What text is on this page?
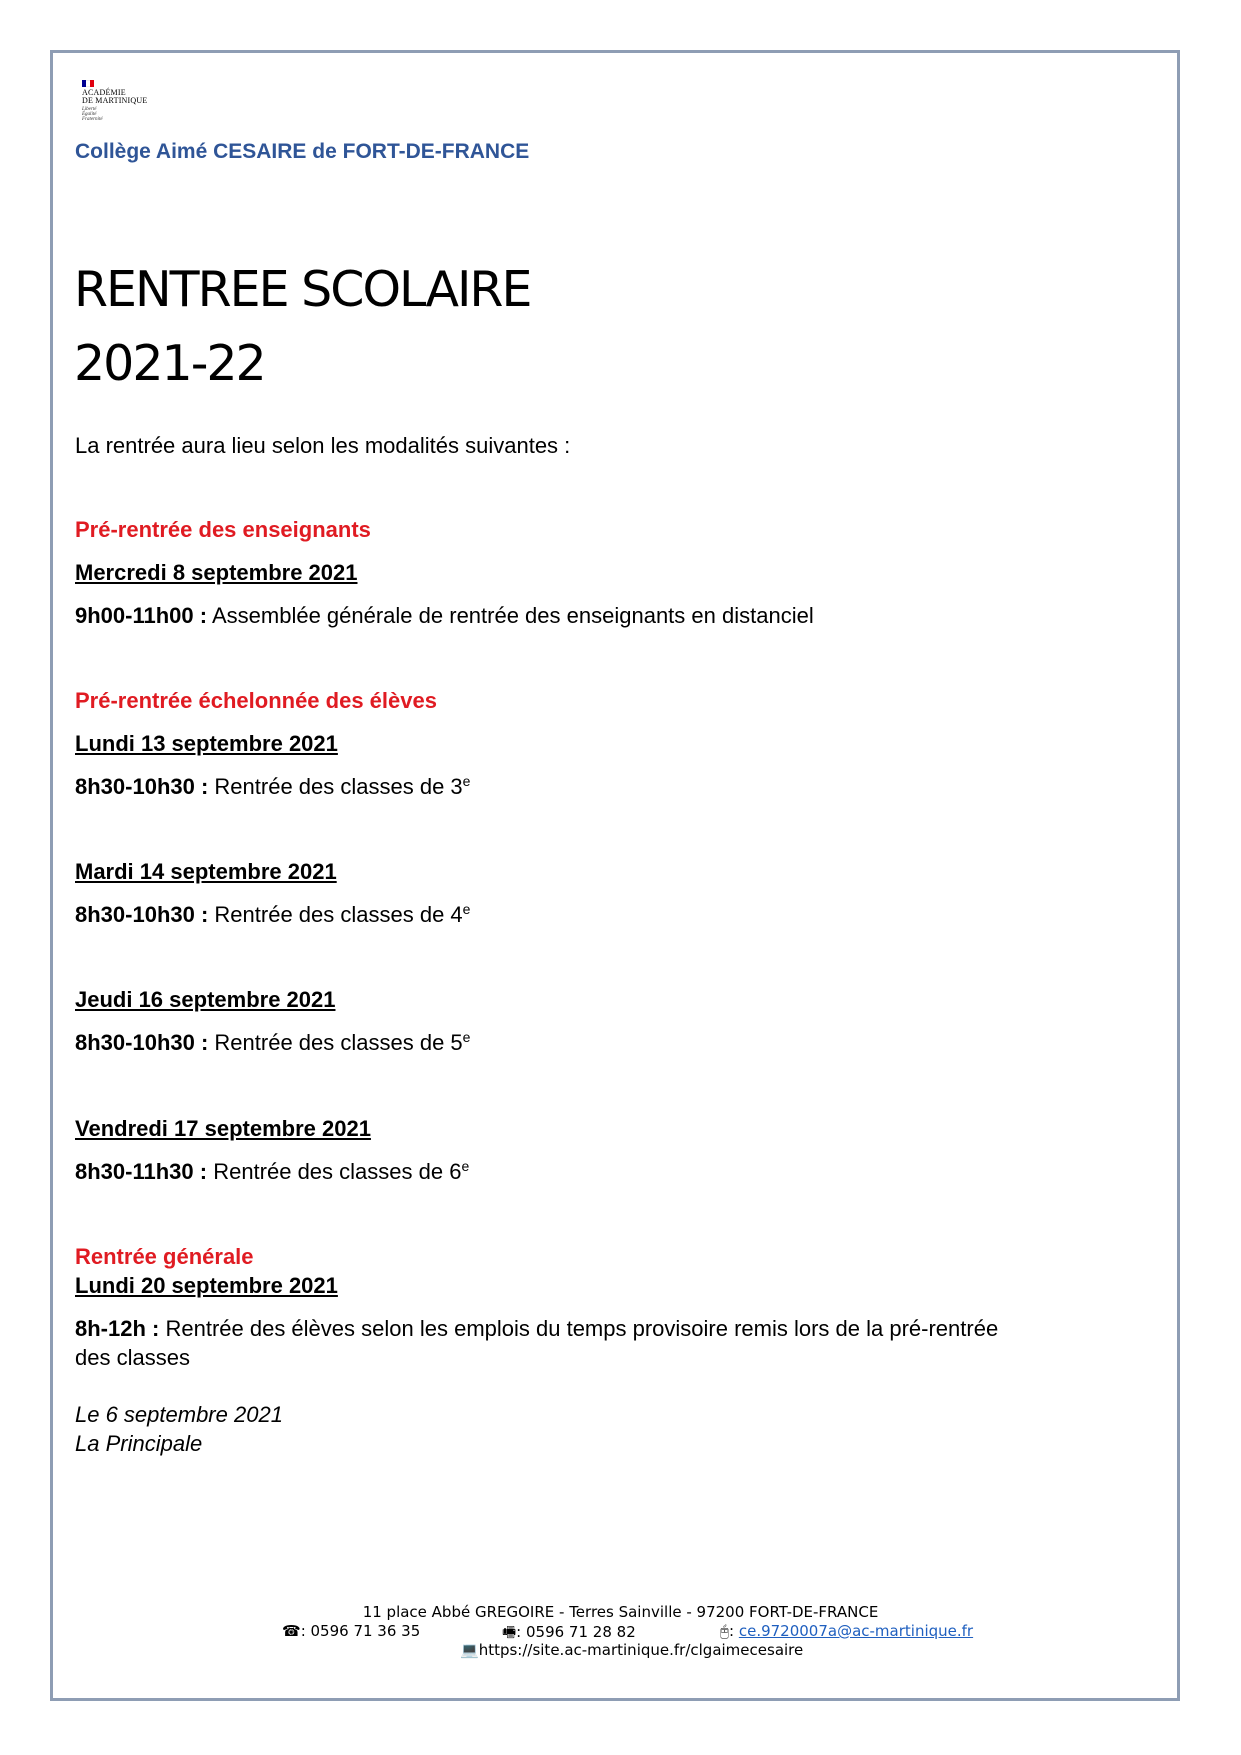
ACADÉMIE
DE MARTINIQUE
Liberté
Égalité
Fraternité
Collège Aimé CESAIRE de FORT-DE-FRANCE
RENTREE SCOLAIRE
2021-22
La rentrée aura lieu selon les modalités suivantes :
Pré-rentrée des enseignants
Mercredi 8 septembre 2021
9h00-11h00 : Assemblée générale de rentrée des enseignants en distanciel
Pré-rentrée échelonnée des élèves
Lundi 13 septembre 2021
8h30-10h30 : Rentrée des classes de 3e
Mardi 14 septembre 2021
8h30-10h30 : Rentrée des classes de 4e
Jeudi 16 septembre 2021
8h30-10h30 : Rentrée des classes de 5e
Vendredi 17 septembre 2021
8h30-11h30 : Rentrée des classes de 6e
Rentrée générale
Lundi 20 septembre 2021
8h-12h : Rentrée des élèves selon les emplois du temps provisoire remis lors de la pré-rentrée
des classes
Le 6 septembre 2021
La Principale
11 place Abbé GREGOIRE - Terres Sainville - 97200 FORT-DE-FRANCE
☎: 0596 71 36 35	🖷: 0596 71 28 82	🖰: ce.9720007a@ac-martinique.fr
💻https://site.ac-martinique.fr/clgaimecesaire
